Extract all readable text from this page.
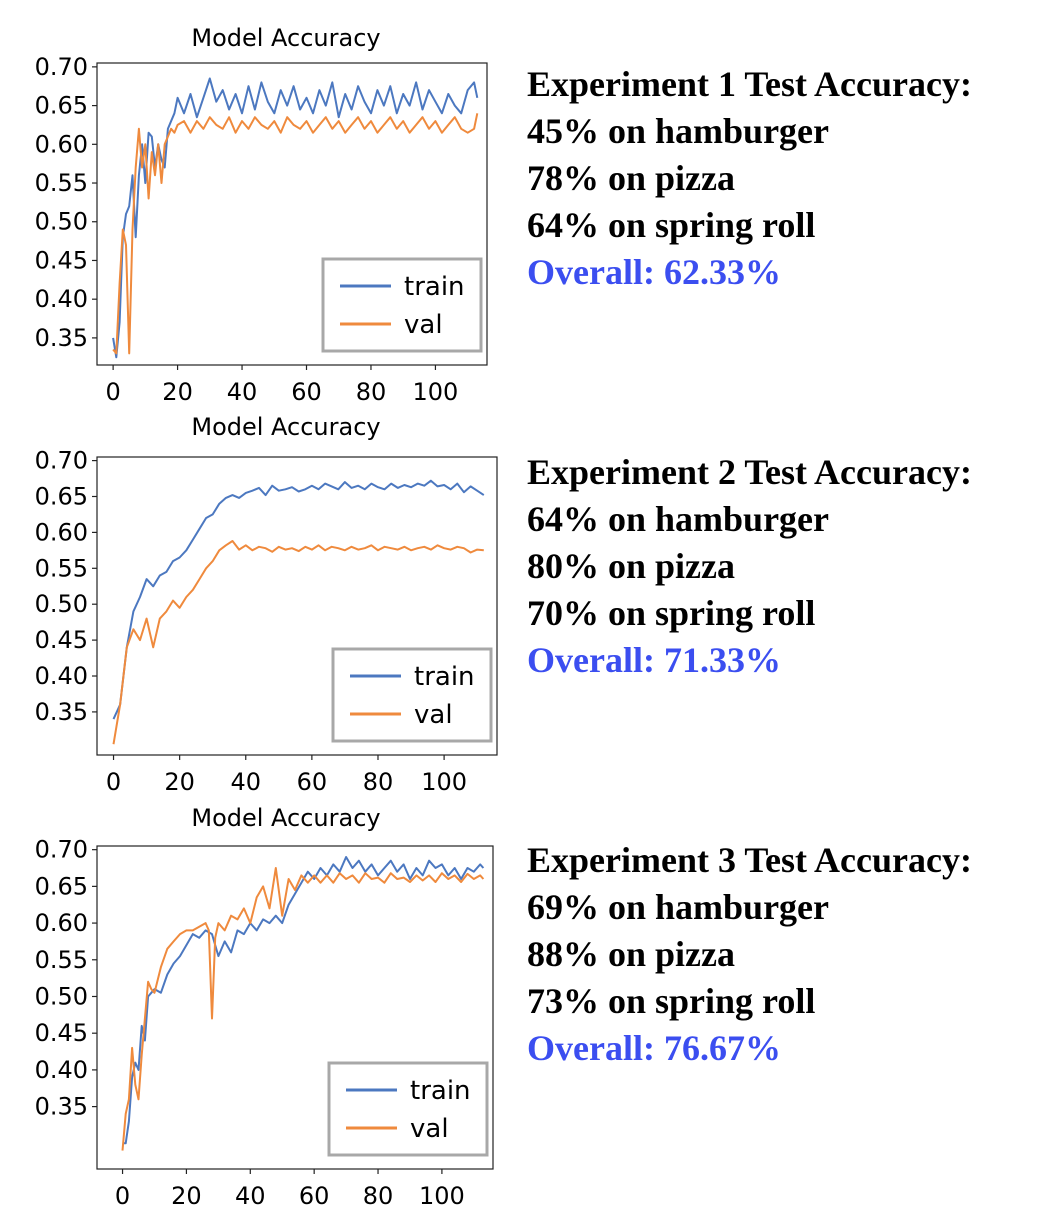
Model Accuracy
0.35
0.40
0.45
0.50
0.55
0.60
0.65
0.70
0 20 40 60 80 100
train
val
Experiment 1 Test Accuracy:
45% on hamburger
78% on pizza
64% on spring roll
Overall: 62.33%
Model Accuracy
0.35
0.40
0.45
0.50
0.55
0.60
0.65
0.70
0 20 40 60 80 100
train
val
Experiment 2 Test Accuracy:
64% on hamburger
80% on pizza
70% on spring roll
Overall: 71.33%
Model Accuracy
0.35
0.40
0.45
0.50
0.55
0.60
0.65
0.70
0 20 40 60 80 100
train
val
Experiment 3 Test Accuracy:
69% on hamburger
88% on pizza
73% on spring roll
Overall: 76.67%
